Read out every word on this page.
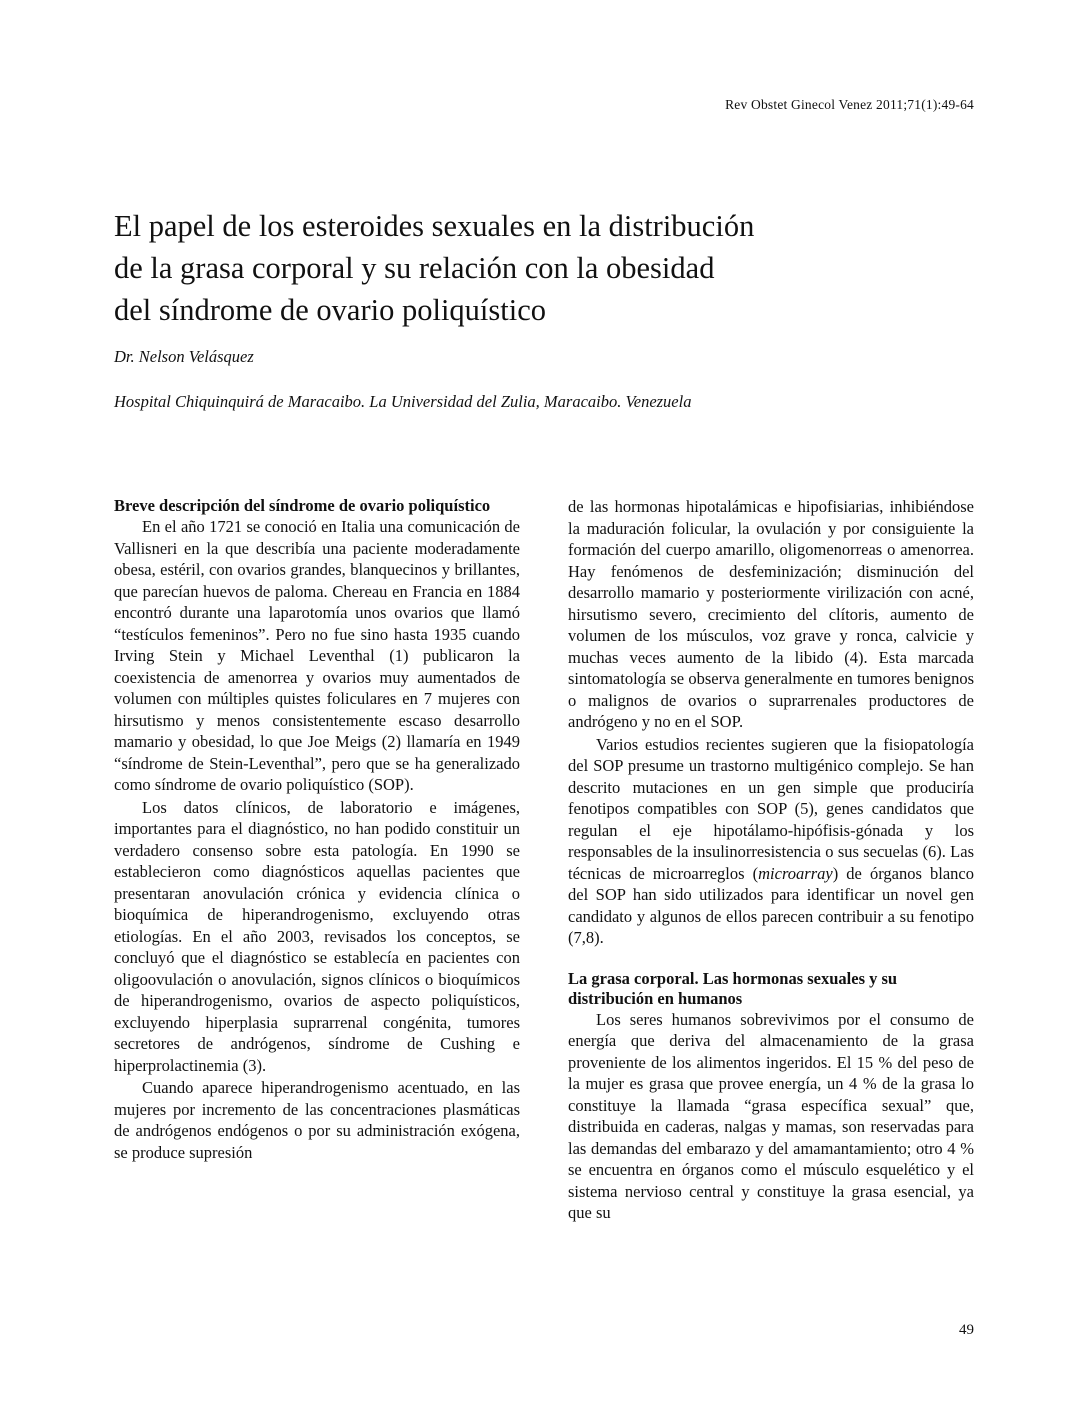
Rev Obstet Ginecol Venez 2011;71(1):49-64
El papel de los esteroides sexuales en la distribución
de la grasa corporal y su relación con la obesidad
del síndrome de ovario poliquístico
Dr. Nelson Velásquez
Hospital Chiquinquirá de Maracaibo. La Universidad del Zulia, Maracaibo. Venezuela
Breve descripción del síndrome de ovario poliquístico

En el año 1721 se conoció en Italia una comunicación de Vallisneri en la que describía una paciente moderadamente obesa, estéril, con ovarios grandes, blanquecinos y brillantes, que parecían huevos de paloma. Chereau en Francia en 1884 encontró durante una laparotomía unos ovarios que llamó “testículos femeninos”. Pero no fue sino hasta 1935 cuando Irving Stein y Michael Leventhal (1) publicaron la coexistencia de amenorrea y ovarios muy aumentados de volumen con múltiples quistes foliculares en 7 mujeres con hirsutismo y menos consistentemente escaso desarrollo mamario y obesidad, lo que Joe Meigs (2) llamaría en 1949 “síndrome de Stein-Leventhal”, pero que se ha generalizado como síndrome de ovario poliquístico (SOP).

Los datos clínicos, de laboratorio e imágenes, importantes para el diagnóstico, no han podido constituir un verdadero consenso sobre esta patología. En 1990 se establecieron como diagnósticos aquellas pacientes que presentaran anovulación crónica y evidencia clínica o bioquímica de hiperandrogenismo, excluyendo otras etiologías. En el año 2003, revisados los conceptos, se concluyó que el diagnóstico se establecía en pacientes con oligoovulación o anovulación, signos clínicos o bioquímicos de hiperandrogenismo, ovarios de aspecto poliquísticos, excluyendo hiperplasia suprarrenal congénita, tumores secretores de andrógenos, síndrome de Cushing e hiperprolactinemia (3).

Cuando aparece hiperandrogenismo acentuado, en las mujeres por incremento de las concentraciones plasmáticas de andrógenos endógenos o por su administración exógena, se produce supresión

de las hormonas hipotalámicas e hipofisiarias, inhibiéndose la maduración folicular, la ovulación y por consiguiente la formación del cuerpo amarillo, oligomenorreas o amenorrea. Hay fenómenos de desfeminización; disminución del desarrollo mamario y posteriormente virilización con acné, hirsutismo severo, crecimiento del clítoris, aumento de volumen de los músculos, voz grave y ronca, calvicie y muchas veces aumento de la libido (4). Esta marcada sintomatología se observa generalmente en tumores benignos o malignos de ovarios o suprarrenales productores de andrógeno y no en el SOP.

Varios estudios recientes sugieren que la fisiopatología del SOP presume un trastorno multigénico complejo. Se han descrito mutaciones en un gen simple que produciría fenotipos compatibles con SOP (5), genes candidatos que regulan el eje hipotálamo-hipófisis-gónada y los responsables de la insulinorresistencia o sus secuelas (6). Las técnicas de microarreglos (microarray) de órganos blanco del SOP han sido utilizados para identificar un novel gen candidato y algunos de ellos parecen contribuir a su fenotipo (7,8).

La grasa corporal. Las hormonas sexuales y su distribución en humanos

Los seres humanos sobrevivimos por el consumo de energía que deriva del almacenamiento de la grasa proveniente de los alimentos ingeridos. El 15 % del peso de la mujer es grasa que provee energía, un 4 % de la grasa lo constituye la llamada “grasa específica sexual” que, distribuida en caderas, nalgas y mamas, son reservadas para las demandas del embarazo y del amamantamiento; otro 4 % se encuentra en órganos como el músculo esquelético y el sistema nervioso central y constituye la grasa esencial, ya que su

49
